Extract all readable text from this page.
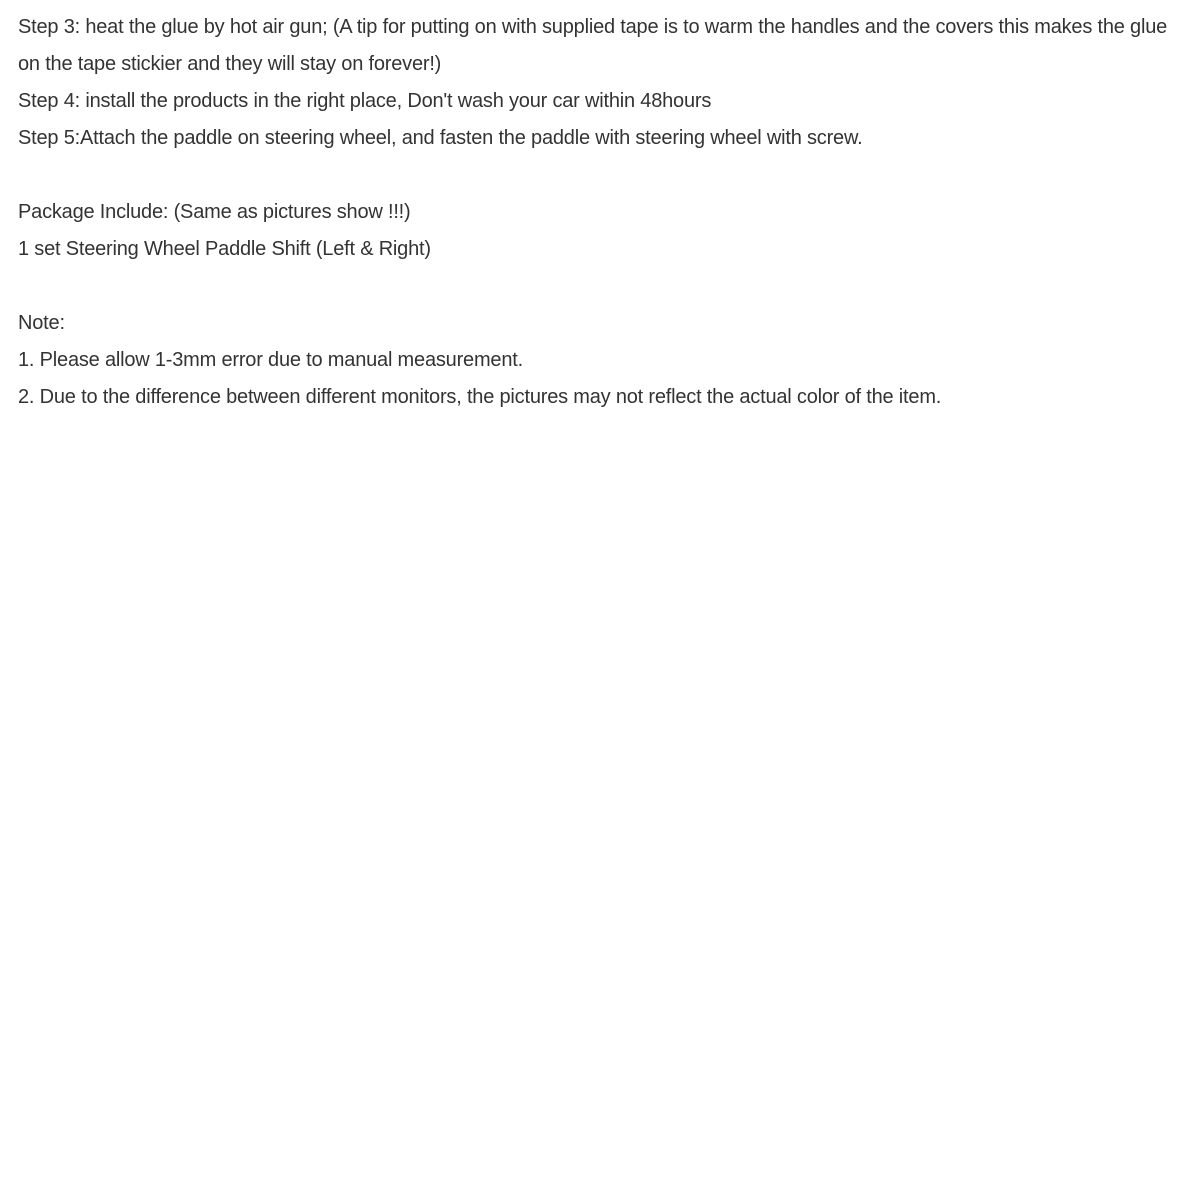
Step 3: heat the glue by hot air gun; (A tip for putting on with supplied tape is to warm the handles and the covers this makes the glue on the tape stickier and they will stay on forever!)
Step 4: install the products in the right place, Don't wash your car within 48hours
Step 5:Attach the paddle on steering wheel, and fasten the paddle with steering wheel with screw.
Package Include: (Same as pictures show !!!)
1 set Steering Wheel Paddle Shift (Left & Right)
Note:
1. Please allow 1-3mm error due to manual measurement.
2. Due to the difference between different monitors, the pictures may not reflect the actual color of the item.
